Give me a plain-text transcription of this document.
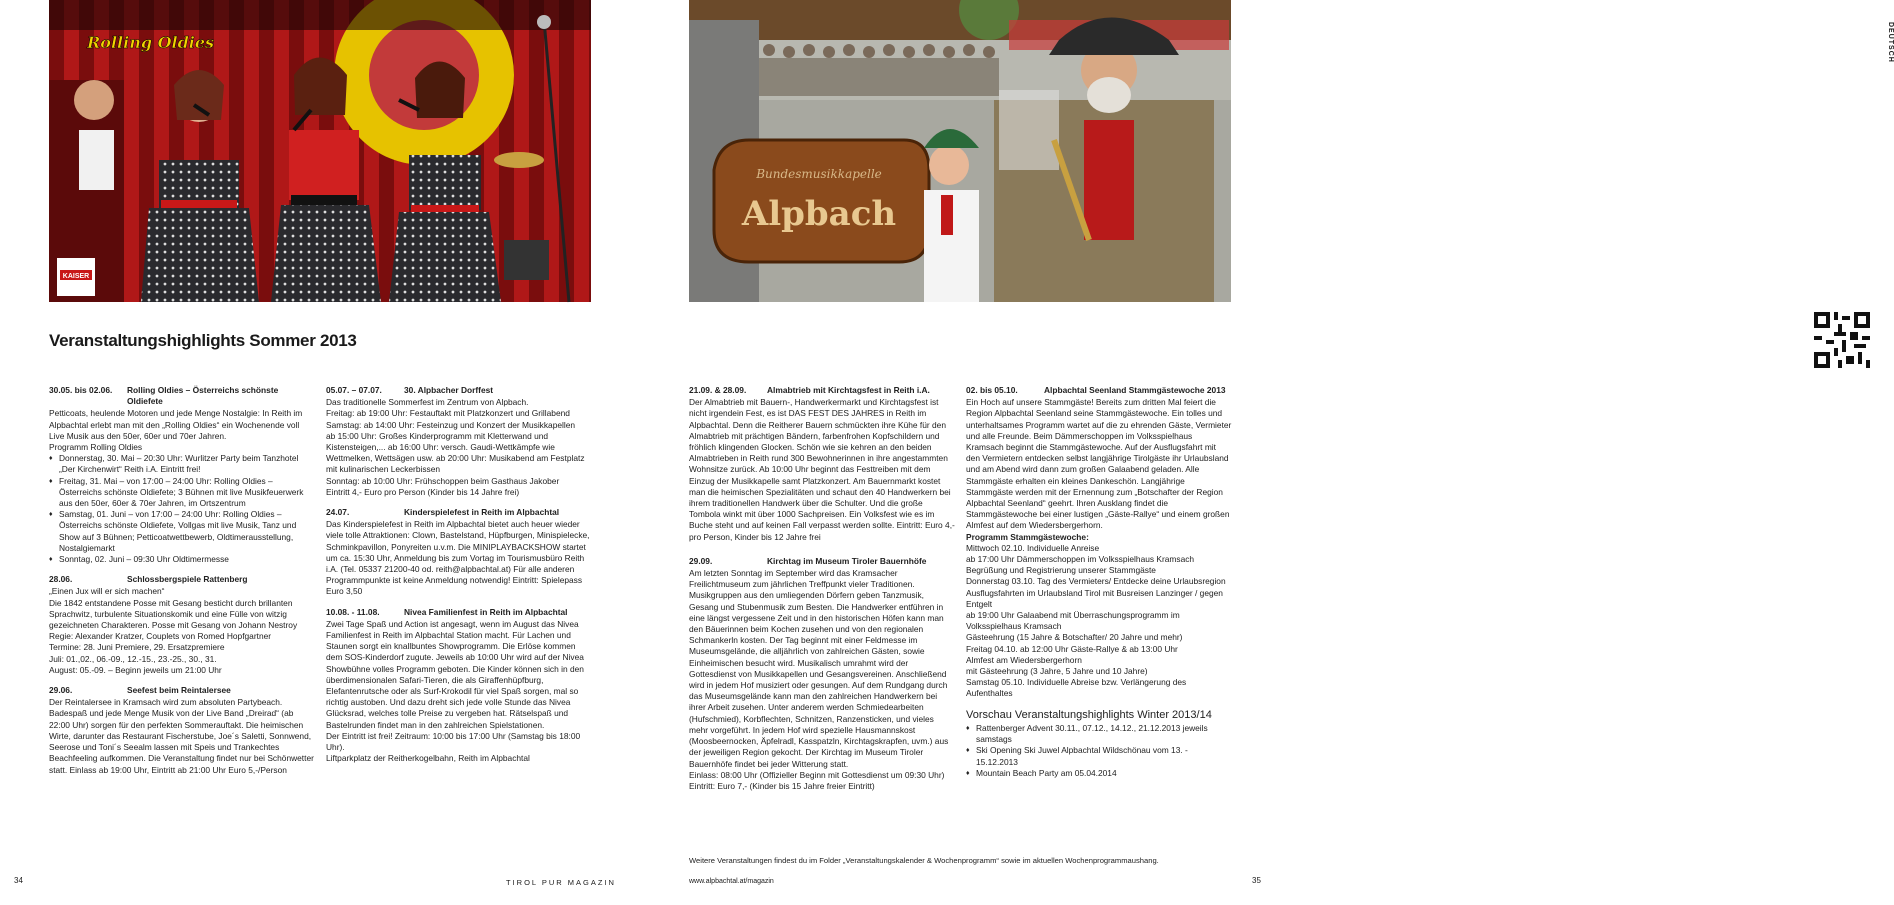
Rolling Oldies
KAISER
Veranstaltungshighlights Sommer 2013
30.05. bis 02.06.	Rolling Oldies – Österreichs schönste Oldiefete

Petticoats, heulende Motoren und jede Menge Nostalgie: In Reith im Alpbachtal erlebt man mit den „Rolling Oldies“ ein Wochenende voll Live Musik aus den 50er, 60er und 70er Jahren.

Programm Rolling Oldies

♦ Donnerstag, 30. Mai – 20:30 Uhr: Wurlitzer Party beim Tanzhotel „Der Kirchenwirt“ Reith i.A. Eintritt frei!
♦ Freitag, 31. Mai – von 17:00 – 24:00 Uhr: Rolling Oldies – Österreichs schönste Oldiefete; 3 Bühnen mit live Musikfeuerwerk aus den 50er, 60er & 70er Jahren, im Ortszentrum
♦ Samstag, 01. Juni – von 17:00 – 24:00 Uhr: Rolling Oldies – Österreichs schönste Oldiefete, Vollgas mit live Musik, Tanz und Show auf 3 Bühnen; Petticoatwettbewerb, Oldtimerausstellung, Nostalgiemarkt
♦ Sonntag, 02. Juni – 09:30 Uhr Oldtimermesse
28.06.	Schlossbergspiele Rattenberg

„Einen Jux will er sich machen“
Die 1842 entstandene Posse mit Gesang besticht durch brillanten Sprachwitz, turbulente Situationskomik und eine Fülle von witzig gezeichneten Charakteren. Posse mit Gesang von Johann Nestroy
Regie: Alexander Kratzer, Couplets von Romed Hopfgartner
Termine: 28. Juni Premiere, 29. Ersatzpremiere
Juli: 01.,02., 06.-09., 12.-15., 23.-25., 30., 31.
August: 05.-09. – Beginn jeweils um 21:00 Uhr

29.06.	Seefest beim Reintalersee

Der Reintalersee in Kramsach wird zum absoluten Partybeach. Badespaß und jede Menge Musik von der Live Band „Dreirad“ (ab 22:00 Uhr) sorgen für den perfekten Sommerauftakt. Die heimischen Wirte, darunter das Restaurant Fischerstube, Joe´s Saletti, Sonnwend, Seerose und Toni´s Seealm lassen mit Speis und Trankechtes Beachfeeling aufkommen. Die Veranstaltung findet nur bei Schönwetter statt. Einlass ab 19:00 Uhr, Eintritt ab 21:00 Uhr Euro 5,-/Person

05.07. – 07.07.	30. Alpbacher Dorffest

Das traditionelle Sommerfest im Zentrum von Alpbach.
Freitag: ab 19:00 Uhr: Festauftakt mit Platzkonzert und Grillabend
Samstag: ab 14:00 Uhr: Festeinzug und Konzert der Musikkapellen
ab 15:00 Uhr: Großes Kinderprogramm mit Kletterwand und Kistensteigen,... ab 16:00 Uhr: versch. Gaudi-Wettkämpfe wie Wettmelken, Wettsägen usw. ab 20:00 Uhr: Musikabend am Festplatz mit kulinarischen Leckerbissen
Sonntag: ab 10:00 Uhr: Frühschoppen beim Gasthaus Jakober
Eintritt 4,- Euro pro Person (Kinder bis 14 Jahre frei)

24.07.	Kinderspielefest in Reith im Alpbachtal

Das Kinderspielefest in Reith im Alpbachtal bietet auch heuer wieder viele tolle Attraktionen: Clown, Bastelstand, Hüpfburgen, Minispielecke, Schminkpavillon, Ponyreiten u.v.m. Die MINIPLAYBACKSHOW startet um ca. 15:30 Uhr, Anmeldung bis zum Vortag im Tourismusbüro Reith i.A. (Tel. 05337 21200-40 od. reith@alpbachtal.at) Für alle anderen Programmpunkte ist keine Anmeldung notwendig! Eintritt: Spielepass Euro 3,50

10.08. - 11.08.	Nivea Familienfest in Reith im Alpbachtal

Zwei Tage Spaß und Action ist angesagt, wenn im August das Nivea Familienfest in Reith im Alpbachtal Station macht. Für Lachen und Staunen sorgt ein knallbuntes Showprogramm. Die Erlöse kommen dem SOS-Kinderdorf zugute. Jeweils ab 10:00 Uhr wird auf der Nivea Showbühne volles Programm geboten. Die Kinder können sich in den überdimensionalen Safari-Tieren, die als Giraffenhüpfburg, Elefantenrutsche oder als Surf-Krokodil für viel Spaß sorgen, mal so richtig austoben. Und dazu dreht sich jede volle Stunde das Nivea Glücksrad, welches tolle Preise zu vergeben hat. Rätselspaß und Bastelrunden findet man in den zahlreichen Spielstationen.
Der Eintritt ist frei! Zeitraum: 10:00 bis 17:00 Uhr (Samstag bis 18:00 Uhr).
Liftparkplatz der Reitherkogelbahn, Reith im Alpbachtal

34	TIROL PUR MAGAZIN
Bundesmusikkapelle
Alpbach
DEUTSCH
21.09. & 28.09.	Almabtrieb mit Kirchtagsfest in Reith i.A.

Der Almabtrieb mit Bauern-, Handwerkermarkt und Kirchtagsfest ist nicht irgendein Fest, es ist DAS FEST DES JAHRES in Reith im Alpbachtal. Denn die Reitherer Bauern schmückten ihre Kühe für den Almabtrieb mit prächtigen Bändern, farbenfrohen Kopfschildern und fröhlich klingenden Glocken. Schön wie sie kehren an den beiden Almabtrieben in Reith rund 300 Bewohnerinnen in ihre angestammten Wohnsitze zurück. Ab 10:00 Uhr beginnt das Festtreiben mit dem Einzug der Musikkapelle samt Platzkonzert. Am Bauernmarkt kostet man die heimischen Spezialitäten und schaut den 40 Handwerkern bei ihrem traditionellen Handwerk über die Schulter. Und die große Tombola winkt mit über 1000 Sachpreisen. Ein Volksfest wie es im Buche steht und auf keinen Fall verpasst werden sollte. Eintritt: Euro 4,- pro Person, Kinder bis 12 Jahre frei

29.09.	Kirchtag im Museum Tiroler Bauernhöfe

Am letzten Sonntag im September wird das Kramsacher Freilichtmuseum zum jährlichen Treffpunkt vieler Traditionen. Musikgruppen aus den umliegenden Dörfern geben Tanzmusik, Gesang und Stubenmusik zum Besten. Die Handwerker entführen in eine längst vergessene Zeit und in den historischen Höfen kann man den Bäuerinnen beim Kochen zusehen und von den regionalen Schmankerln kosten. Der Tag beginnt mit einer Feldmesse im Museumsgelände, die alljährlich von zahlreichen Gästen, sowie Einheimischen besucht wird. Musikalisch umrahmt wird der Gottesdienst von Musikkapellen und Gesangsvereinen. Anschließend wird in jedem Hof musiziert oder gesungen. Auf dem Rundgang durch das Museumsgelände kann man den zahlreichen Handwerkern bei ihrer Arbeit zusehen. Unter anderem werden Schmiedearbeiten (Hufschmied), Korbflechten, Schnitzen, Ranzensticken, und vieles mehr vorgeführt. In jedem Hof wird spezielle Hausmannskost (Moosbeernocken, Äpfelradl, Kasspatzln, Kirchtagskrapfen, uvm.) aus der jeweiligen Region gekocht. Der Kirchtag im Museum Tiroler Bauernhöfe findet bei jeder Witterung statt.
Einlass: 08:00 Uhr (Offizieller Beginn mit Gottesdienst um 09:30 Uhr)
Eintritt: Euro 7,- (Kinder bis 15 Jahre freier Eintritt)

02. bis 05.10.	Alpbachtal Seenland Stammgästewoche 2013

Ein Hoch auf unsere Stammgäste! Bereits zum dritten Mal feiert die Region Alpbachtal Seenland seine Stammgästewoche. Ein tolles und unterhaltsames Programm wartet auf die zu ehrenden Gäste, Vermieter und alle Freunde. Beim Dämmerschoppen im Volksspielhaus Kramsach beginnt die Stammgästewoche. Auf der Ausflugsfahrt mit den Vermietern entdecken selbst langjährige Tirolgäste ihr Urlaubsland und am Abend wird dann zum großen Galaabend geladen. Alle Stammgäste erhalten ein kleines Dankeschön. Langjährige Stammgäste werden mit der Ernennung zum „Botschafter der Region Alpbachtal Seenland“ geehrt. Ihren Ausklang findet die Stammgästewoche bei einer lustigen „Gäste-Rallye“ und einem großen Almfest auf dem Wiedersbergerhorn.

Programm Stammgästewoche:

Mittwoch 02.10. Individuelle Anreise
ab 17:00 Uhr Dämmerschoppen im Volksspielhaus Kramsach
Begrüßung und Registrierung unserer Stammgäste
Donnerstag 03.10. Tag des Vermieters/ Entdecke deine Urlaubsregion
Ausflugsfahrten im Urlaubsland Tirol mit Busreisen Lanzinger / gegen Entgelt
ab 19:00 Uhr Galaabend mit Überraschungsprogramm im Volksspielhaus Kramsach
Gästeehrung (15 Jahre & Botschafter/ 20 Jahre und mehr)
Freitag 04.10. ab 12:00 Uhr Gäste-Rallye & ab 13:00 Uhr
Almfest am Wiedersbergerhorn
mit Gästeehrung (3 Jahre, 5 Jahre und 10 Jahre)
Samstag 05.10. Individuelle Abreise bzw. Verlängerung des Aufenthaltes

Vorschau Veranstaltungshighlights Winter 2013/14
♦ Rattenberger Advent 30.11., 07.12., 14.12., 21.12.2013 jeweils samstags
♦ Ski Opening Ski Juwel Alpbachtal Wildschönau vom 13. - 15.12.2013
♦ Mountain Beach Party am 05.04.2014
Weitere Veranstaltungen findest du im Folder „Veranstaltungskalender & Wochenprogramm“ sowie im aktuellen Wochenprogrammaushang.
35
www.alpbachtal.at/magazin
